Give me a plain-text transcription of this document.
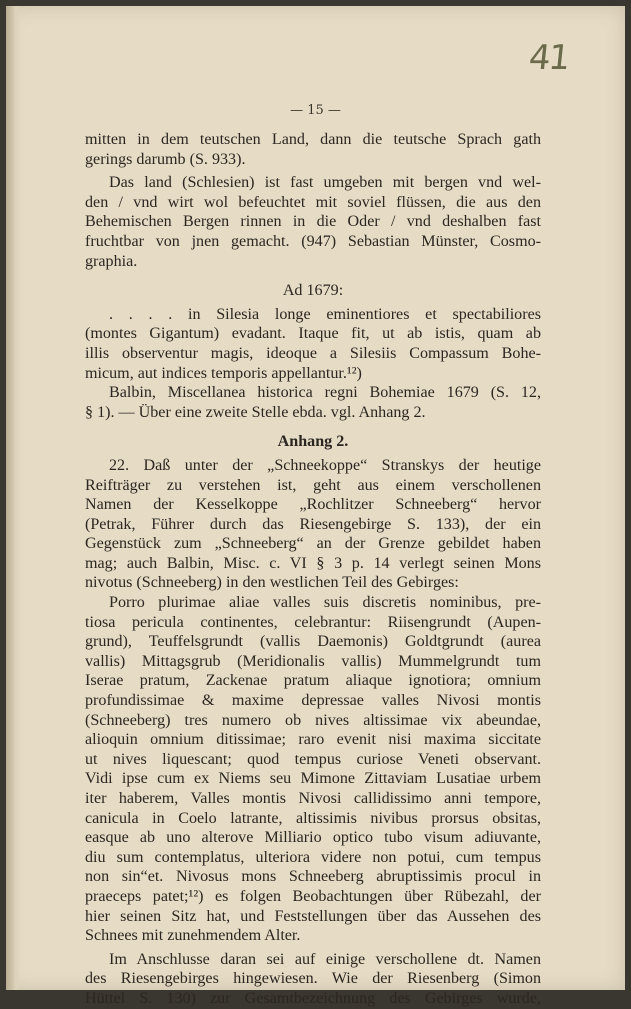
41
— 15 —
mitten in dem teutschen Land, dann die teutsche Sprach gath
gerings darumb (S. 933).
Das land (Schlesien) ist fast umgeben mit bergen vnd wel-
den / vnd wirt wol befeuchtet mit soviel flüssen, die aus den
Behemischen Bergen rinnen in die Oder / vnd deshalben fast
fruchtbar von jnen gemacht. (947) Sebastian Münster, Cosmo-
graphia.
Ad 1679:
. . . . in Silesia longe eminentiores et spectabiliores
(montes Gigantum) evadant. Itaque fit, ut ab istis, quam ab
illis observentur magis, ideoque a Silesiis Compassum Bohe-
micum, aut indices temporis appellantur.¹²)
Balbin, Miscellanea historica regni Bohemiae 1679 (S. 12,
§ 1). — Über eine zweite Stelle ebda. vgl. Anhang 2.
Anhang 2.
22. Daß unter der „Schneekoppe“ Stranskys der heutige
Reifträger zu verstehen ist, geht aus einem verschollenen
Namen der Kesselkoppe „Rochlitzer Schneeberg“ hervor
(Petrak, Führer durch das Riesengebirge S. 133), der ein
Gegenstück zum „Schneeberg“ an der Grenze gebildet haben
mag; auch Balbin, Misc. c. VI § 3 p. 14 verlegt seinen Mons
nivotus (Schneeberg) in den westlichen Teil des Gebirges:
Porro plurimae aliae valles suis discretis nominibus, pre-
tiosa pericula continentes, celebrantur: Riisengrundt (Aupen-
grund), Teuffelsgrundt (vallis Daemonis) Goldtgrundt (aurea
vallis) Mittagsgrub (Meridionalis vallis) Mummelgrundt tum
Iserae pratum, Zackenae pratum aliaque ignotiora; omnium
profundissimae & maxime depressae valles Nivosi montis
(Schneeberg) tres numero ob nives altissimae vix abeundae,
alioquin omnium ditissimae; raro evenit nisi maxima siccitate
ut nives liquescant; quod tempus curiose Veneti observant.
Vidi ipse cum ex Niems seu Mimone Zittaviam Lusatiae urbem
iter haberem, Valles montis Nivosi callidissimo anni tempore,
canicula in Coelo latrante, altissimis nivibus prorsus obsitas,
easque ab uno alterove Milliario optico tubo visum adiuvante,
diu sum contemplatus, ulteriora videre non potui, cum tempus
non sin“et. Nivosus mons Schneeberg abruptissimis procul in
praeceps patet;¹²) es folgen Beobachtungen über Rübezahl, der
hier seinen Sitz hat, und Feststellungen über das Aussehen des
Schnees mit zunehmendem Alter.
Im Anschlusse daran sei auf einige verschollene dt. Namen
des Riesengebirges hingewiesen. Wie der Riesenberg (Simon
Hüttel S. 130) zur Gesamtbezeichnung des Gebirges wurde,
